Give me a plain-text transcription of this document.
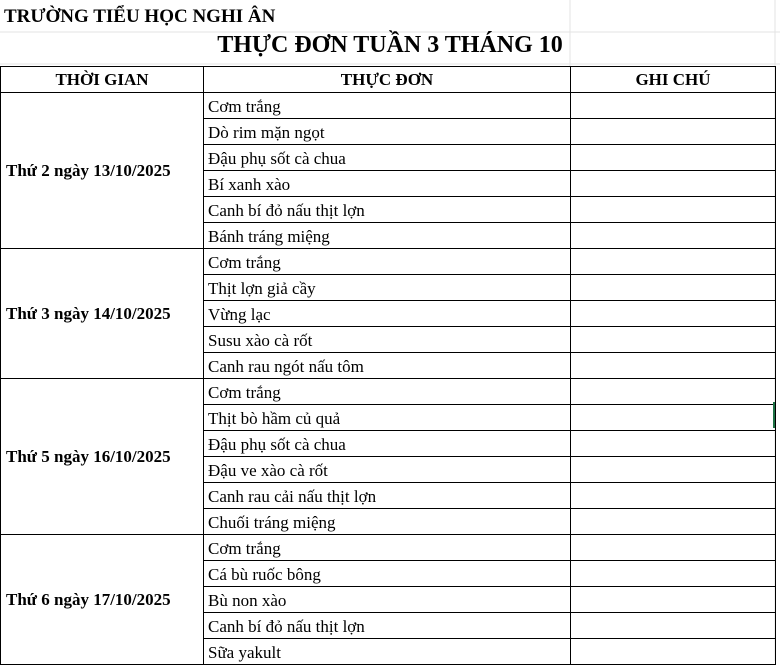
TRƯỜNG TIỂU HỌC NGHI ÂN
THỰC ĐƠN TUẦN 3 THÁNG 10
THỜI GIAN	THỰC ĐƠN	GHI CHÚ
Thứ 2 ngày 13/10/2025	Cơm trắng	
	Dò rim mặn ngọt	
	Đậu phụ sốt cà chua	
	Bí xanh xào	
	Canh bí đỏ nấu thịt lợn	
	Bánh tráng miệng	
Thứ 3 ngày 14/10/2025	Cơm trắng	
	Thịt lợn giả cầy	
	Vừng lạc	
	Susu xào cà rốt	
	Canh rau ngót nấu tôm	
Thứ 5 ngày 16/10/2025	Cơm trắng	
	Thịt bò hầm củ quả	
	Đậu phụ sốt cà chua	
	Đậu ve xào cà rốt	
	Canh rau cải nấu thịt lợn	
	Chuối tráng miệng	
Thứ 6 ngày 17/10/2025	Cơm trắng	
	Cá bù ruốc bông	
	Bù non xào	
	Canh bí đỏ nấu thịt lợn	
	Sữa yakult	
